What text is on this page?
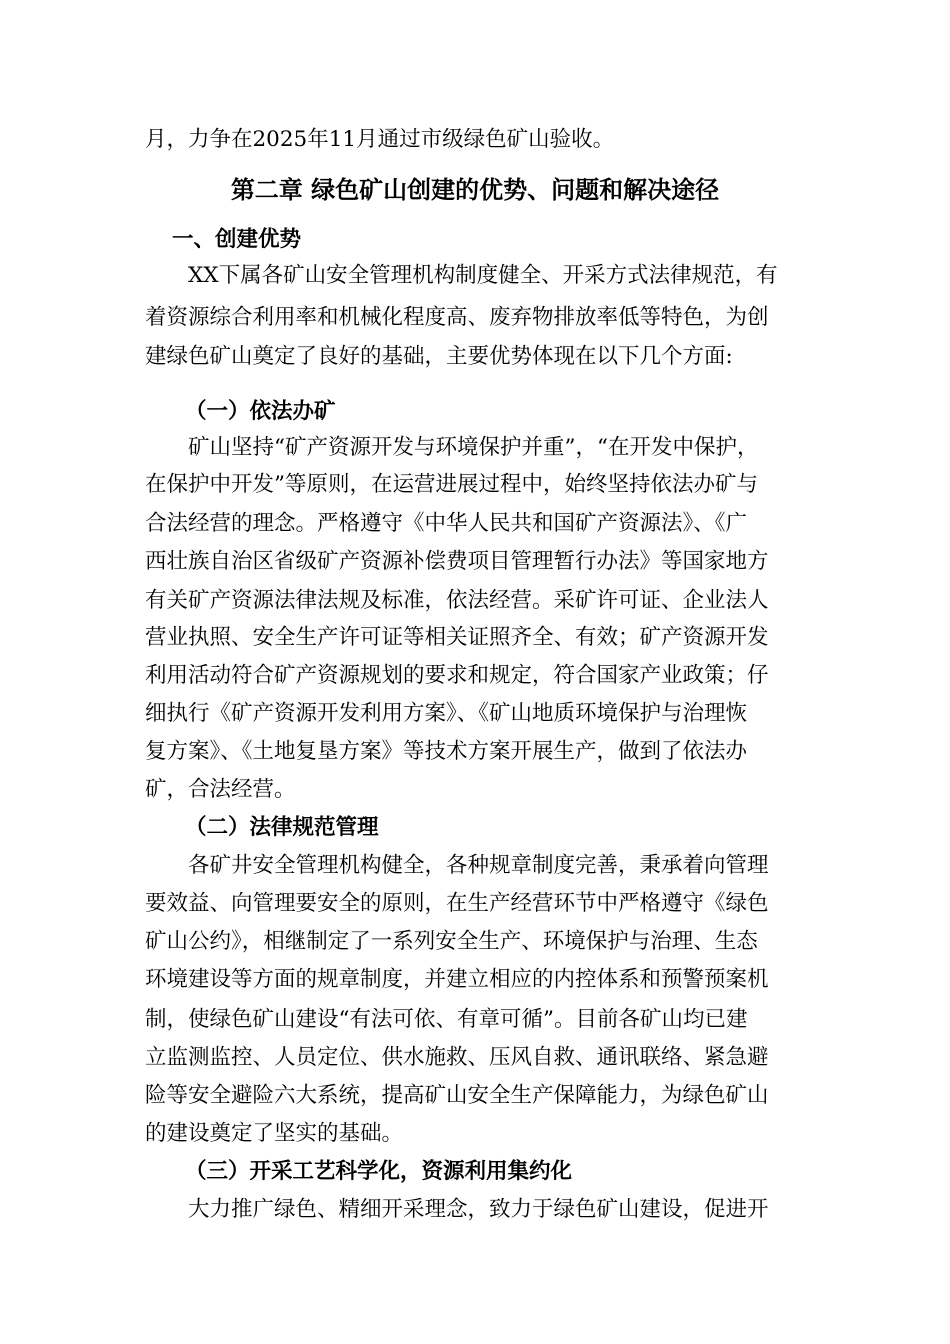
月，力争在2025年11月通过市级绿色矿山验收。
第二章 绿色矿山创建的优势、问题和解决途径
一、创建优势
XX下属各矿山安全管理机构制度健全、开采方式法律规范，有
着资源综合利用率和机械化程度高、废弃物排放率低等特色，为创
建绿色矿山奠定了良好的基础，主要优势体现在以下几个方面:
（一）依法办矿
矿山坚持“矿产资源开发与环境保护并重”，“在开发中保护，
在保护中开发”等原则，在运营进展过程中，始终坚持依法办矿与
合法经营的理念。严格遵守《中华人民共和国矿产资源法》、《广
西壮族自治区省级矿产资源补偿费项目管理暂行办法》等国家地方
有关矿产资源法律法规及标准，依法经营。采矿许可证、企业法人
营业执照、安全生产许可证等相关证照齐全、有效；矿产资源开发
利用活动符合矿产资源规划的要求和规定，符合国家产业政策；仔
细执行《矿产资源开发利用方案》、《矿山地质环境保护与治理恢
复方案》、《土地复垦方案》等技术方案开展生产，做到了依法办
矿，合法经营。
（二）法律规范管理
各矿井安全管理机构健全，各种规章制度完善，秉承着向管理
要效益、向管理要安全的原则，在生产经营环节中严格遵守《绿色
矿山公约》，相继制定了一系列安全生产、环境保护与治理、生态
环境建设等方面的规章制度，并建立相应的内控体系和预警预案机
制，使绿色矿山建设“有法可依、有章可循”。目前各矿山均已建
立监测监控、人员定位、供水施救、压风自救、通讯联络、紧急避
险等安全避险六大系统，提高矿山安全生产保障能力，为绿色矿山
的建设奠定了坚实的基础。
（三）开采工艺科学化，资源利用集约化
大力推广绿色、精细开采理念，致力于绿色矿山建设，促进开
